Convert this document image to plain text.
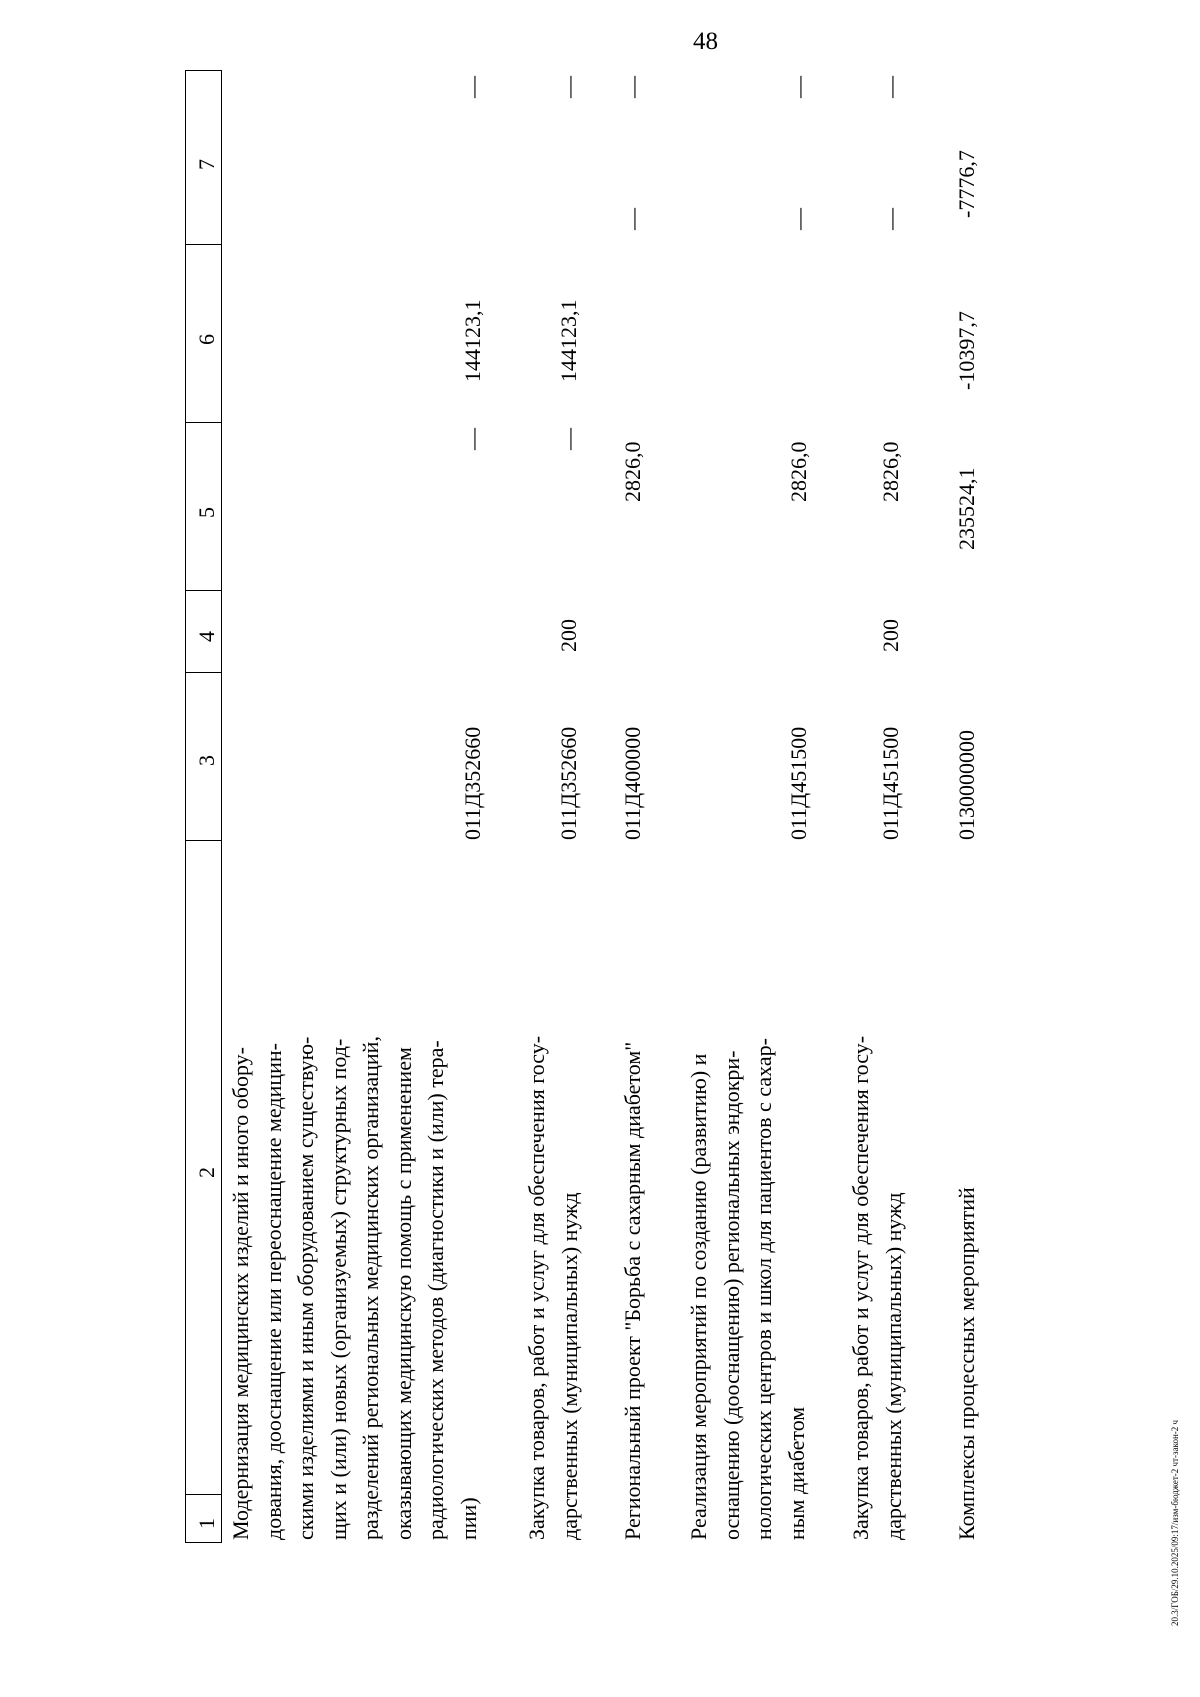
48
20.3/ГОБ/29.10.2025/09:17/изм-бюджет-2 чт-закон-2 ч
7
6
5
4
3
2
1 Модернизация медицинских изделий и иного обору- дования, дооснащение или переоснащение медицин- скими изделиями и иным оборудованием существую- щих и (или) новых (организуемых) структурных под- разделений региональных медицинских организаций, оказывающих медицинскую помощь с применением радиологических методов (диагностики и (или) тера- пии)
011Д352660
—
144123,1
—
Закупка товаров, работ и услуг для обеспечения госу- дарственных (муниципальных) нужд
011Д352660
200
—
144123,1
—
Региональный проект "Борьба с сахарным диабетом"
011Д400000
2826,0
—
—
Реализация мероприятий по созданию (развитию) и оснащению (дооснащению) региональных эндокри- нологических центров и школ для пациентов с сахар- ным диабетом
011Д451500
2826,0
—
—
Закупка товаров, работ и услуг для обеспечения госу- дарственных (муниципальных) нужд
011Д451500
200
2826,0
—
—
Комплексы процессных мероприятий
0130000000
235524,1
-10397,7
-7776,7
